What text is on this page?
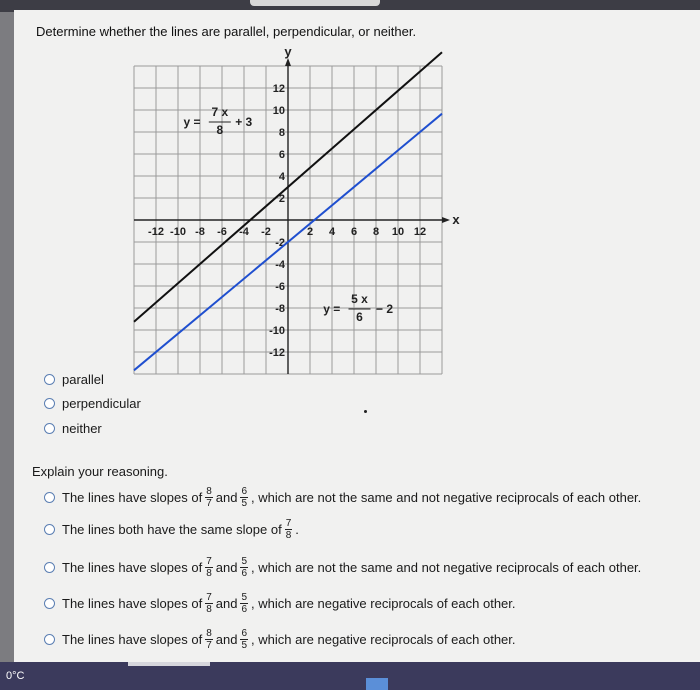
Determine whether the lines are parallel, perpendicular, or neither.
x
y
-12 -10 -8 -6 -4 -2	2 4 6 8 10 12
12
10
8
6
4
2
-2
-4
-6
-8
-10
-12
y =
7 x
8
+ 3
y =
5 x
6
− 2
parallel
perpendicular
neither
Explain your reasoning.
The lines have slopes of $\frac{8}{7}$ and $\frac{6}{5}$ , which are not the same and not negative reciprocals of each other.
The lines both have the same slope of $\frac{7}{8}$ .
The lines have slopes of $\frac{7}{8}$ and $\frac{5}{6}$ , which are not the same and not negative reciprocals of each other.
The lines have slopes of $\frac{7}{8}$ and $\frac{5}{6}$ , which are negative reciprocals of each other.
The lines have slopes of $\frac{8}{7}$ and $\frac{6}{5}$ , which are negative reciprocals of each other.
0°C
